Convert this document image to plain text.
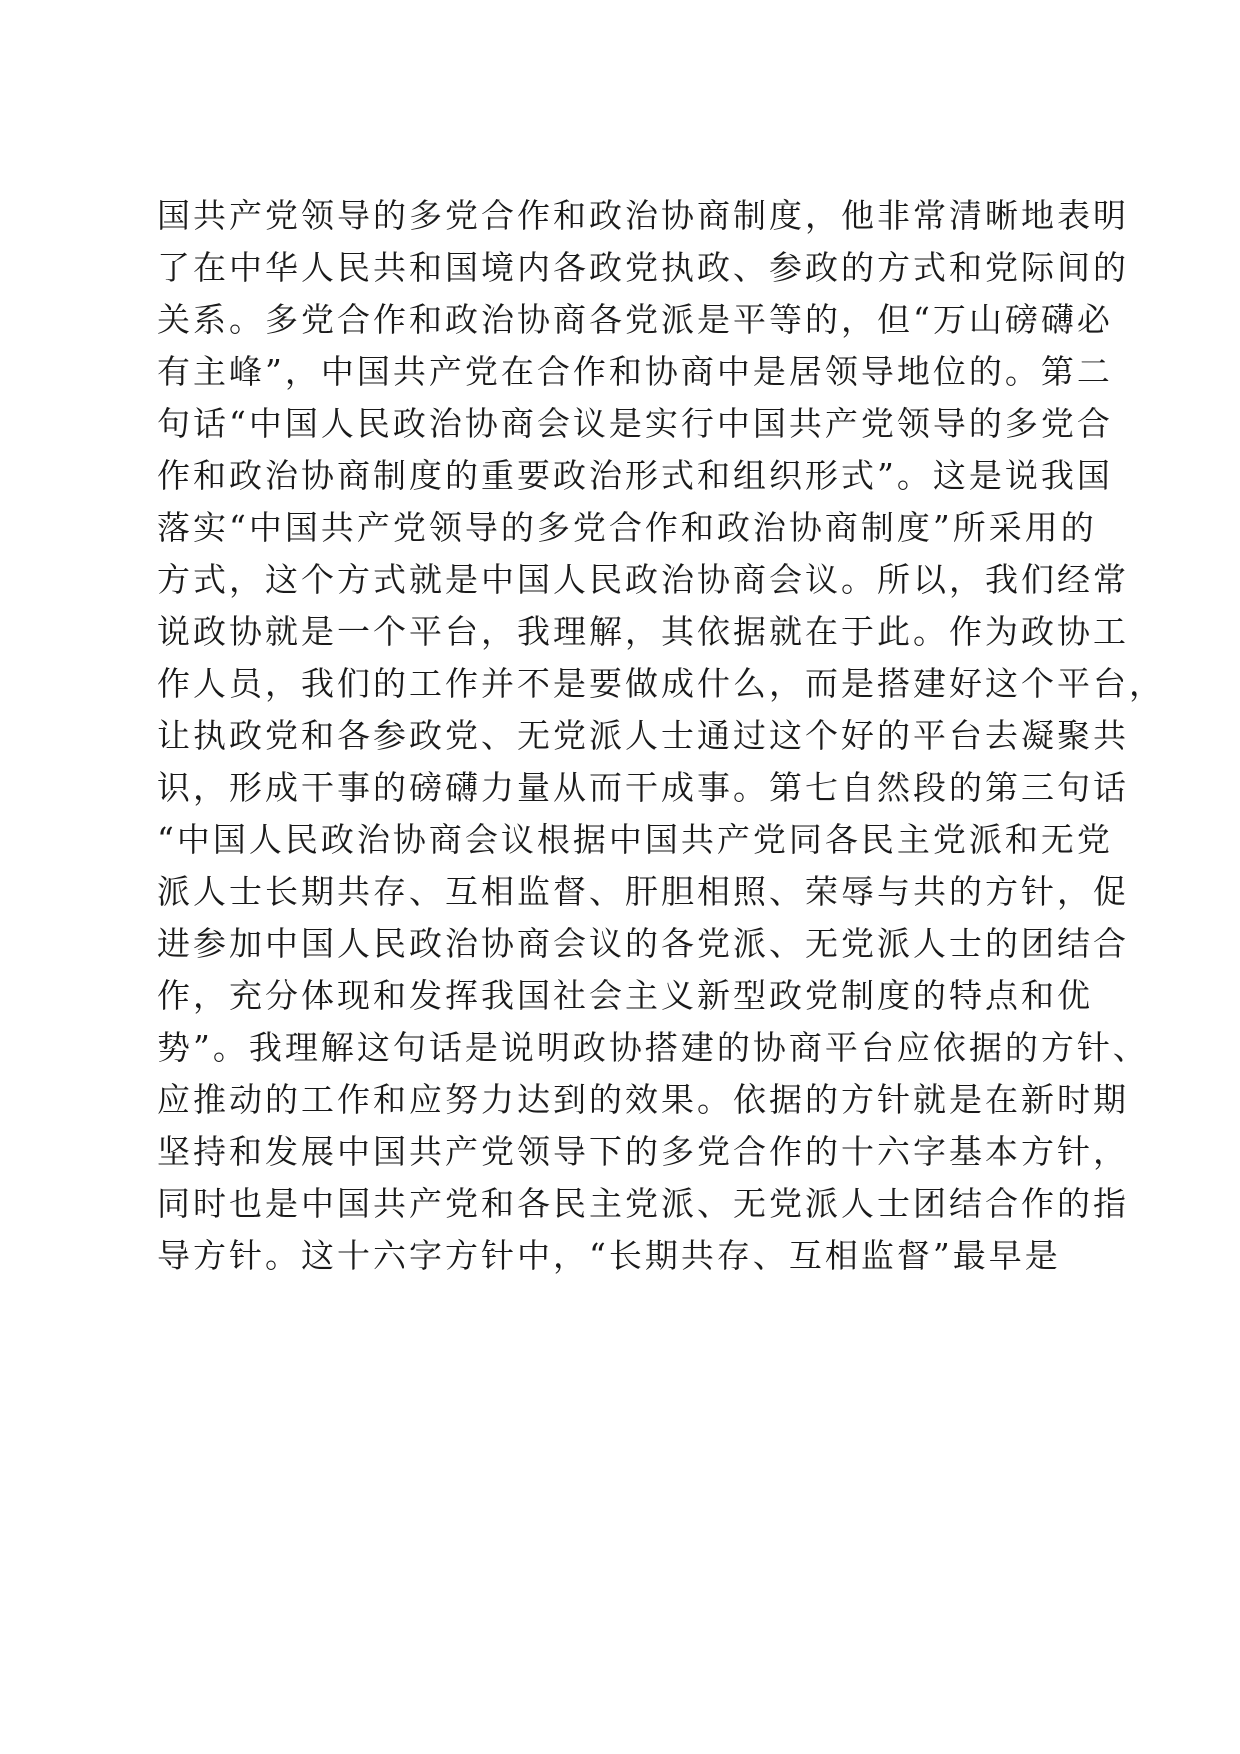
国共产党领导的多党合作和政治协商制度，他非常清晰地表明
了在中华人民共和国境内各政党执政、参政的方式和党际间的
关系。多党合作和政治协商各党派是平等的，但“万山磅礴必
有主峰”，中国共产党在合作和协商中是居领导地位的。第二
句话“中国人民政治协商会议是实行中国共产党领导的多党合
作和政治协商制度的重要政治形式和组织形式”。这是说我国
落实“中国共产党领导的多党合作和政治协商制度”所采用的
方式，这个方式就是中国人民政治协商会议。所以，我们经常
说政协就是一个平台，我理解，其依据就在于此。作为政协工
作人员，我们的工作并不是要做成什么，而是搭建好这个平台，
让执政党和各参政党、无党派人士通过这个好的平台去凝聚共
识，形成干事的磅礴力量从而干成事。第七自然段的第三句话
“中国人民政治协商会议根据中国共产党同各民主党派和无党
派人士长期共存、互相监督、肝胆相照、荣辱与共的方针，促
进参加中国人民政治协商会议的各党派、无党派人士的团结合
作，充分体现和发挥我国社会主义新型政党制度的特点和优
势”。我理解这句话是说明政协搭建的协商平台应依据的方针、
应推动的工作和应努力达到的效果。依据的方针就是在新时期
坚持和发展中国共产党领导下的多党合作的十六字基本方针，
同时也是中国共产党和各民主党派、无党派人士团结合作的指
导方针。这十六字方针中，“长期共存、互相监督”最早是
